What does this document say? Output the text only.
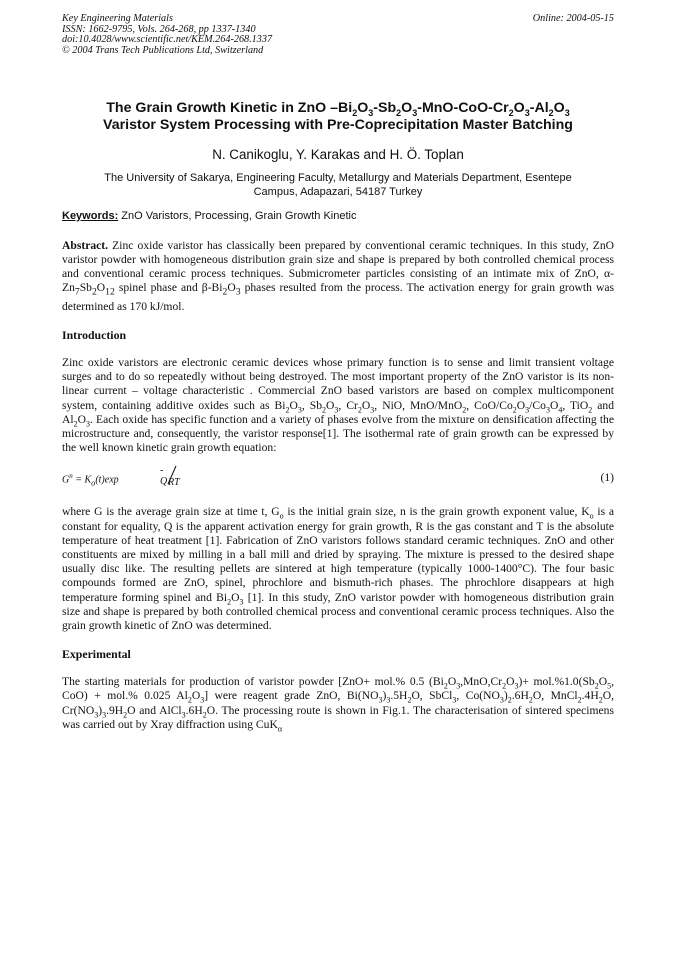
Key Engineering Materials
ISSN: 1662-9795, Vols. 264-268, pp 1337-1340
doi:10.4028/www.scientific.net/KEM.264-268.1337
© 2004 Trans Tech Publications Ltd, Switzerland
Online: 2004-05-15
The Grain Growth Kinetic in ZnO $-Bi_2O_3-Sb_2O_3-MnO-CoO-Cr_2O_3-Al_2O_3$
Varistor System Processing with Pre-Coprecipitation Master Batching
N. Canikoglu, Y. Karakas and H. Ö. Toplan
The University of Sakarya, Engineering Faculty, Metallurgy and Materials Department, Esentepe
Campus, Adapazari, 54187 Turkey
Keywords: ZnO Varistors, Processing, Grain Growth Kinetic

Abstract. Zinc oxide varistor has classically been prepared by conventional ceramic techniques. In this study, ZnO varistor powder with homogeneous distribution grain size and shape is prepared by both controlled chemical process and conventional ceramic process techniques. Submicrometer particles consisting of an intimate mix of ZnO, $\alpha-Zn_7Sb_2O_{12}$ spinel phase and $\beta-Bi_2O_3$ phases resulted from the process. The activation energy for grain growth was determined as 170 kJ/mol.

Introduction

Zinc oxide varistors are electronic ceramic devices whose primary function is to sense and limit transient voltage surges and to do so repeatedly without being destroyed. The most important property of the ZnO varistor is its non-linear current – voltage characteristic . Commercial ZnO based varistors are based on complex multicomponent system, containing additive oxides such as $Bi_2O_3$, $Sb_2O_3$, $Cr_2O_3$, NiO, MnO/MnO$_2$, CoO/$Co_2O_3/Co_3O_4$, TiO$_2$ and $Al_2O_3$. Each oxide has specific function and a variety of phases evolve from the mixture on densification affecting the microstructure and, consequently, the varistor response[1]. The isothermal rate of grain growth can be expressed by the well known kinetic grain growth equation:

$G^n = K_o(t)\exp$
- Q RT	(1)

where G is the average grain size at time t, $G_o$ is the initial grain size, n is the grain growth exponent value, $K_o$ is a constant for equality, Q is the apparent activation energy for grain growth, R is the gas constant and T is the absolute temperature of heat treatment [1]. Fabrication of ZnO varistors follows standard ceramic techniques. ZnO and other constituents are mixed by milling in a ball mill and dried by spraying. The mixture is pressed to the desired shape usually disc like. The resulting pellets are sintered at high temperature (typically 1000-1400°C). The four basic compounds formed are ZnO, spinel, phrochlore and bismuth-rich phases. The phrochlore disappears at high temperature forming spinel and $Bi_2O_3$ [1]. In this study, ZnO varistor powder with homogeneous distribution grain size and shape is prepared by both controlled chemical process and conventional ceramic process techniques. Also the grain growth kinetic of ZnO was determined.

Experimental

The starting materials for production of varistor powder [ZnO+ mol.% 0.5 $(Bi_2O_3,MnO,Cr_2O_3)+ mol.\%1.0(Sb_2O_5$, CoO) + mol.% 0.025 $Al_2O_3$] were reagent grade ZnO, $Bi(NO_3)_3.5H_2O$, SbCl$_3$, $Co(NO_3)_2.6H_2O$, $MnCl_2.4H_2O$, $Cr(NO_3)_3.9H_2O$ and $AlCl_3.6H_2O$. The processing route is shown in Fig.1. The characterisation of sintered specimens was carried out by Xray diffraction using CuK$_\alpha$
